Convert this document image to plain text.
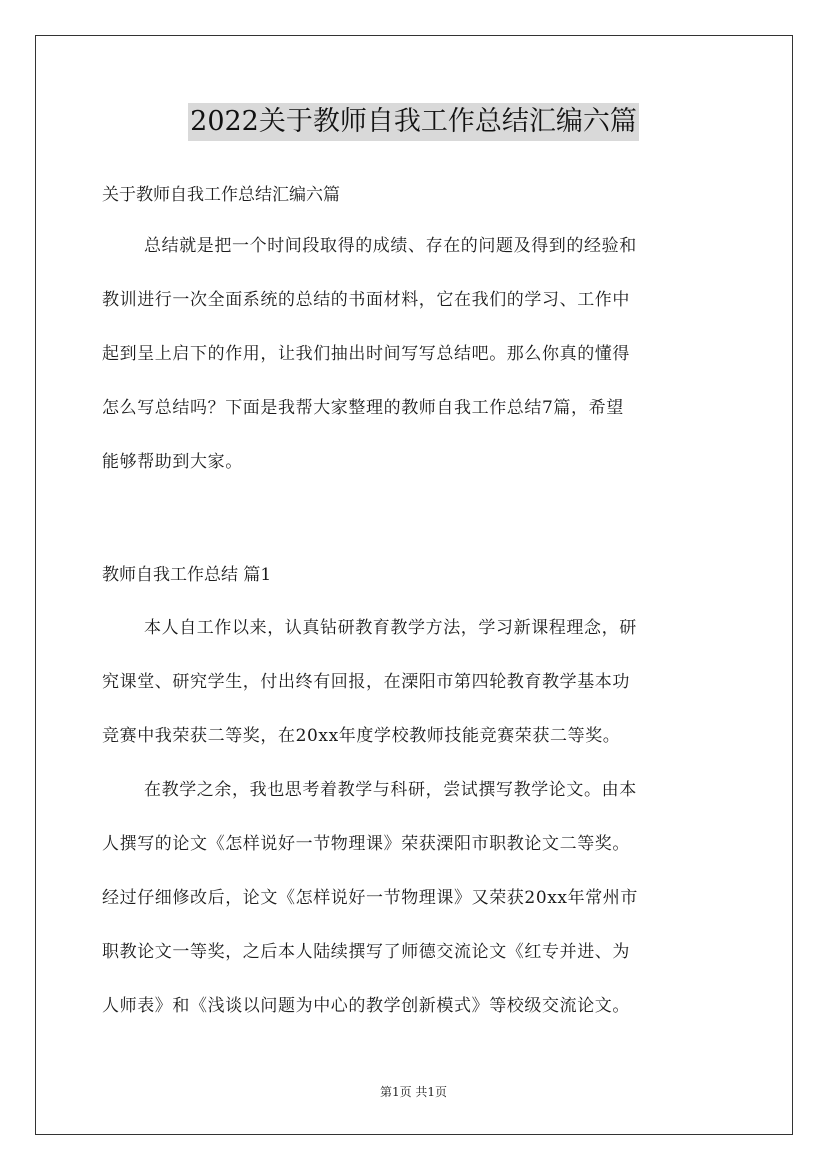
2022关于教师自我工作总结汇编六篇
关于教师自我工作总结汇编六篇
总结就是把一个时间段取得的成绩、存在的问题及得到的经验和
教训进行一次全面系统的总结的书面材料，它在我们的学习、工作中
起到呈上启下的作用，让我们抽出时间写写总结吧。那么你真的懂得
怎么写总结吗？下面是我帮大家整理的教师自我工作总结7篇，希望
能够帮助到大家。
教师自我工作总结 篇1
本人自工作以来，认真钻研教育教学方法，学习新课程理念，研
究课堂、研究学生，付出终有回报，在溧阳市第四轮教育教学基本功
竞赛中我荣获二等奖，在20xx年度学校教师技能竞赛荣获二等奖。
在教学之余，我也思考着教学与科研，尝试撰写教学论文。由本
人撰写的论文《怎样说好一节物理课》荣获溧阳市职教论文二等奖。
经过仔细修改后，论文《怎样说好一节物理课》又荣获20xx年常州市
职教论文一等奖，之后本人陆续撰写了师德交流论文《红专并进、为
人师表》和《浅谈以问题为中心的教学创新模式》等校级交流论文。
第1页 共1页
